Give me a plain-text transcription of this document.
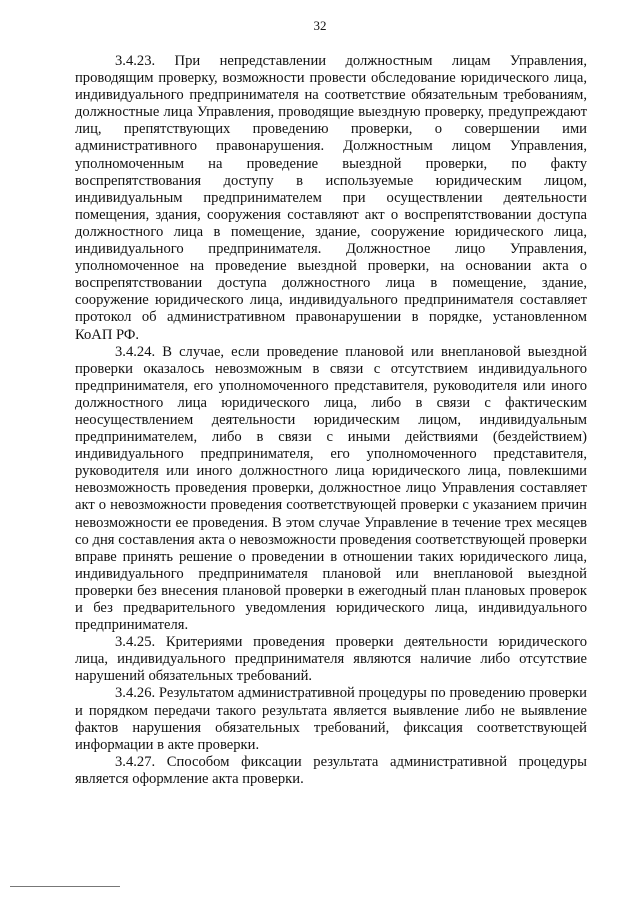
32

3.4.23. При непредставлении должностным лицам Управления, проводящим проверку, возможности провести обследование юридического лица, индивидуального предпринимателя на соответствие обязательным требованиям, должностные лица Управления, проводящие выездную проверку, предупреждают лиц, препятствующих проведению проверки, о совершении ими административного правонарушения. Должностным лицом Управления, уполномоченным на проведение выездной проверки, по факту воспрепятствования доступу в используемые юридическим лицом, индивидуальным предпринимателем при осуществлении деятельности помещения, здания, сооружения составляют акт о воспрепятствовании доступа должностного лица в помещение, здание, сооружение юридического лица, индивидуального предпринимателя. Должностное лицо Управления, уполномоченное на проведение выездной проверки, на основании акта о воспрепятствовании доступа должностного лица в помещение, здание, сооружение юридического лица, индивидуального предпринимателя составляет протокол об административном правонарушении в порядке, установленном КоАП РФ.

3.4.24. В случае, если проведение плановой или внеплановой выездной проверки оказалось невозможным в связи с отсутствием индивидуального предпринимателя, его уполномоченного представителя, руководителя или иного должностного лица юридического лица, либо в связи с фактическим неосуществлением деятельности юридическим лицом, индивидуальным предпринимателем, либо в связи с иными действиями (бездействием) индивидуального предпринимателя, его уполномоченного представителя, руководителя или иного должностного лица юридического лица, повлекшими невозможность проведения проверки, должностное лицо Управления составляет акт о невозможности проведения соответствующей проверки с указанием причин невозможности ее проведения. В этом случае Управление в течение трех месяцев со дня составления акта о невозможности проведения соответствующей проверки вправе принять решение о проведении в отношении таких юридического лица, индивидуального предпринимателя плановой или внеплановой выездной проверки без внесения плановой проверки в ежегодный план плановых проверок и без предварительного уведомления юридического лица, индивидуального предпринимателя.

3.4.25. Критериями проведения проверки деятельности юридического лица, индивидуального предпринимателя являются наличие либо отсутствие нарушений обязательных требований.

3.4.26. Результатом административной процедуры по проведению проверки и порядком передачи такого результата является выявление либо не выявление фактов нарушения обязательных требований, фиксация соответствующей информации в акте проверки.

3.4.27. Способом фиксации результата административной процедуры является оформление акта проверки.
